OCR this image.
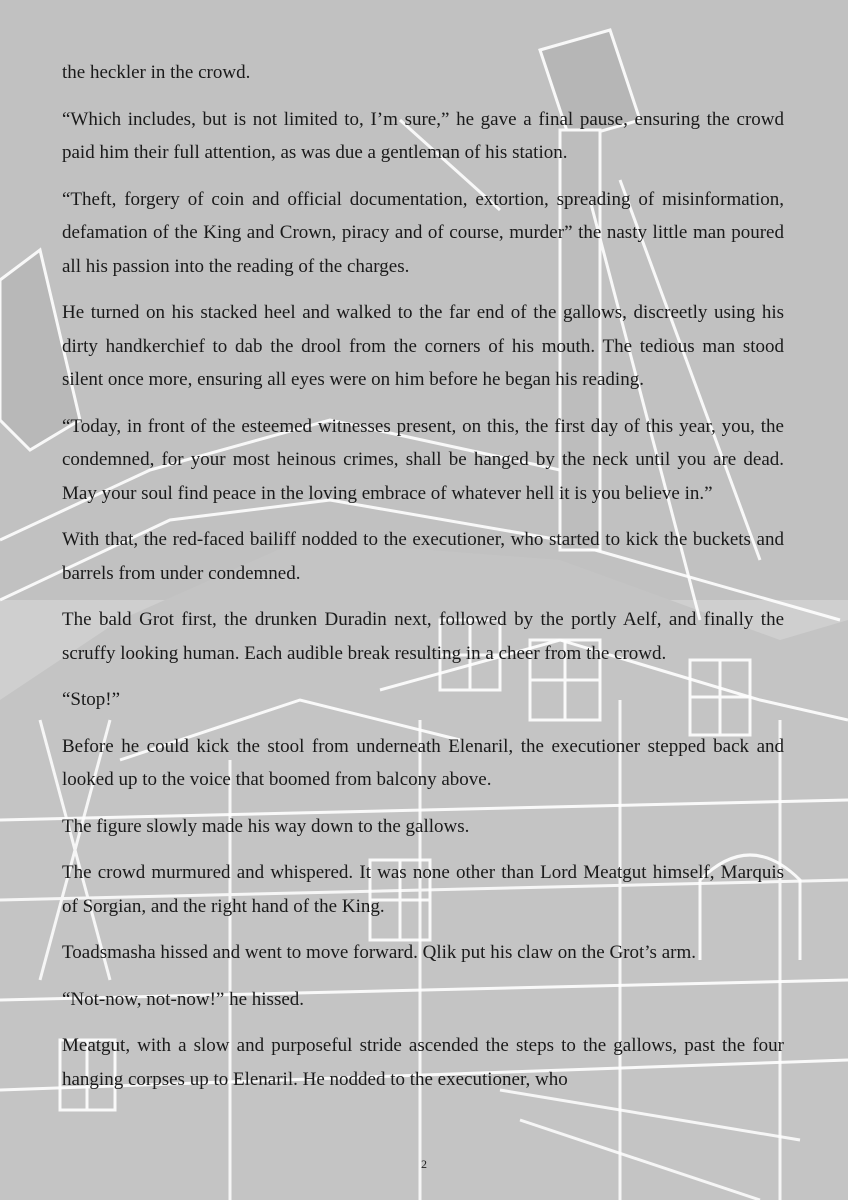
the heckler in the crowd.

“Which includes, but is not limited to, I’m sure,” he gave a final pause, ensuring the crowd paid him their full attention, as was due a gentleman of his station.

“Theft, forgery of coin and official documentation, extortion, spreading of misinformation, defamation of the King and Crown, piracy and of course, murder” the nasty little man poured all his passion into the reading of the charges.

He turned on his stacked heel and walked to the far end of the gallows, discreetly using his dirty handkerchief to dab the drool from the corners of his mouth. The tedious man stood silent once more, ensuring all eyes were on him before he began his reading.

“Today, in front of the esteemed witnesses present, on this, the first day of this year, you, the condemned, for your most heinous crimes, shall be hanged by the neck until you are dead. May your soul find peace in the loving embrace of whatever hell it is you believe in.”

With that, the red-faced bailiff nodded to the executioner, who started to kick the buckets and barrels from under condemned.

The bald Grot first, the drunken Duradin next, followed by the portly Aelf, and finally the scruffy looking human. Each audible break resulting in a cheer from the crowd.

“Stop!”

Before he could kick the stool from underneath Elenaril, the executioner stepped back and looked up to the voice that boomed from balcony above.

The figure slowly made his way down to the gallows.

The crowd murmured and whispered. It was none other than Lord Meatgut himself, Marquis of Sorgian, and the right hand of the King.

Toadsmasha hissed and went to move forward. Qlik put his claw on the Grot’s arm.

“Not-now, not-now!” he hissed.

Meatgut, with a slow and purposeful stride ascended the steps to the gallows, past the four hanging corpses up to Elenaril. He nodded to the executioner, who

2
